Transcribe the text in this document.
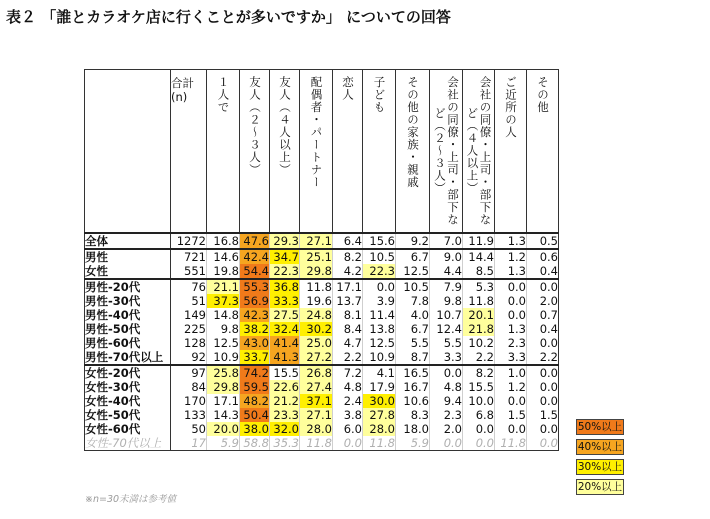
表２ 「誰とカラオケ店に行くことが多いですか」 についての回答
	合計
(n)	１人で	友人（２～３人）	友人（４人以上）	配偶者・パートナー	恋人	子ども	その他の家族・親戚	会社の同僚・上司・部下など（２～３人）	会社の同僚・上司・部下など（４人以上）	ご近所の人	その他

全体	1272	16.8	47.6	29.3	27.1	6.4	15.6	9.2	7.0	11.9	1.3	0.5
男性	721	14.6	42.4	34.7	25.1	8.2	10.5	6.7	9.0	14.4	1.2	0.6
女性	551	19.8	54.4	22.3	29.8	4.2	22.3	12.5	4.4	8.5	1.3	0.4
男性-20代	76	21.1	55.3	36.8	11.8	17.1	0.0	10.5	7.9	5.3	0.0	0.0
男性-30代	51	37.3	56.9	33.3	19.6	13.7	3.9	7.8	9.8	11.8	0.0	2.0
男性-40代	149	14.8	42.3	27.5	24.8	8.1	11.4	4.0	10.7	20.1	0.0	0.7
男性-50代	225	9.8	38.2	32.4	30.2	8.4	13.8	6.7	12.4	21.8	1.3	0.4
男性-60代	128	12.5	43.0	41.4	25.0	4.7	12.5	5.5	5.5	10.2	2.3	0.0
男性-70代以上	92	10.9	33.7	41.3	27.2	2.2	10.9	8.7	3.3	2.2	3.3	2.2
女性-20代	97	25.8	74.2	15.5	26.8	7.2	4.1	16.5	0.0	8.2	1.0	0.0
女性-30代	84	29.8	59.5	22.6	27.4	4.8	17.9	16.7	4.8	15.5	1.2	0.0
女性-40代	170	17.1	48.2	21.2	37.1	2.4	30.0	10.6	9.4	10.0	0.0	0.0
女性-50代	133	14.3	50.4	23.3	27.1	3.8	27.8	8.3	2.3	6.8	1.5	1.5
女性-60代	50	20.0	38.0	32.0	28.0	6.0	28.0	18.0	2.0	0.0	0.0	0.0
女性-70代以上	17	5.9	58.8	35.3	11.8	0.0	11.8	5.9	0.0	0.0	11.8	0.0
50%以上
40%以上
30%以上
20%以上
※n=30未満は参考値
